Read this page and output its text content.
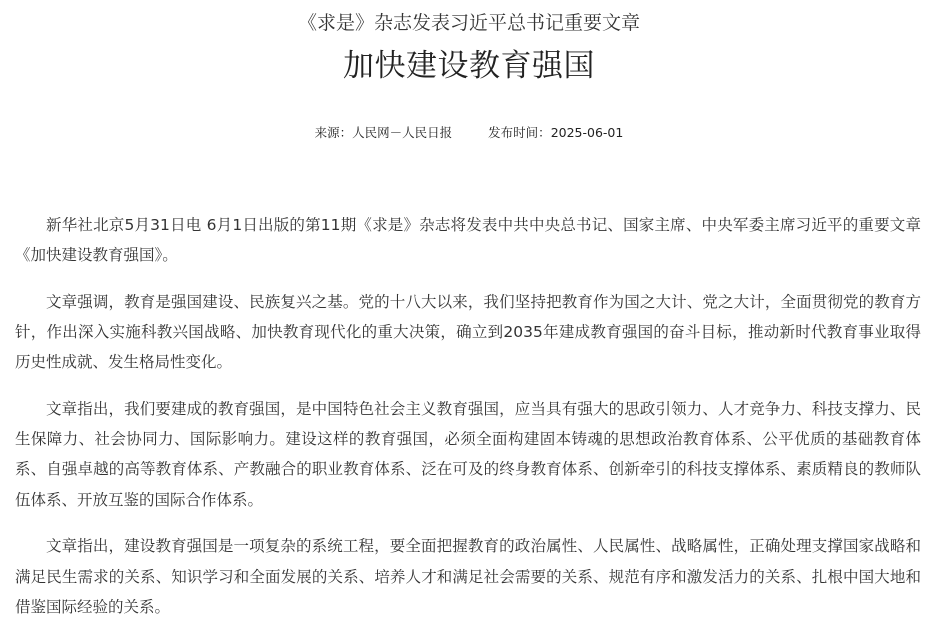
《求是》杂志发表习近平总书记重要文章
加快建设教育强国
来源：人民网－人民日报	发布时间：2025-06-01

新华社北京5月31日电 6月1日出版的第11期《求是》杂志将发表中共中央总书记、国家主席、中央军委主席习近平的重要文章《加快建设教育强国》。

文章强调，教育是强国建设、民族复兴之基。党的十八大以来，我们坚持把教育作为国之大计、党之大计，全面贯彻党的教育方针，作出深入实施科教兴国战略、加快教育现代化的重大决策，确立到2035年建成教育强国的奋斗目标，推动新时代教育事业取得历史性成就、发生格局性变化。

文章指出，我们要建成的教育强国，是中国特色社会主义教育强国，应当具有强大的思政引领力、人才竞争力、科技支撑力、民生保障力、社会协同力、国际影响力。建设这样的教育强国，必须全面构建固本铸魂的思想政治教育体系、公平优质的基础教育体系、自强卓越的高等教育体系、产教融合的职业教育体系、泛在可及的终身教育体系、创新牵引的科技支撑体系、素质精良的教师队伍体系、开放互鉴的国际合作体系。

文章指出，建设教育强国是一项复杂的系统工程，要全面把握教育的政治属性、人民属性、战略属性，正确处理支撑国家战略和满足民生需求的关系、知识学习和全面发展的关系、培养人才和满足社会需要的关系、规范有序和激发活力的关系、扎根中国大地和借鉴国际经验的关系。
